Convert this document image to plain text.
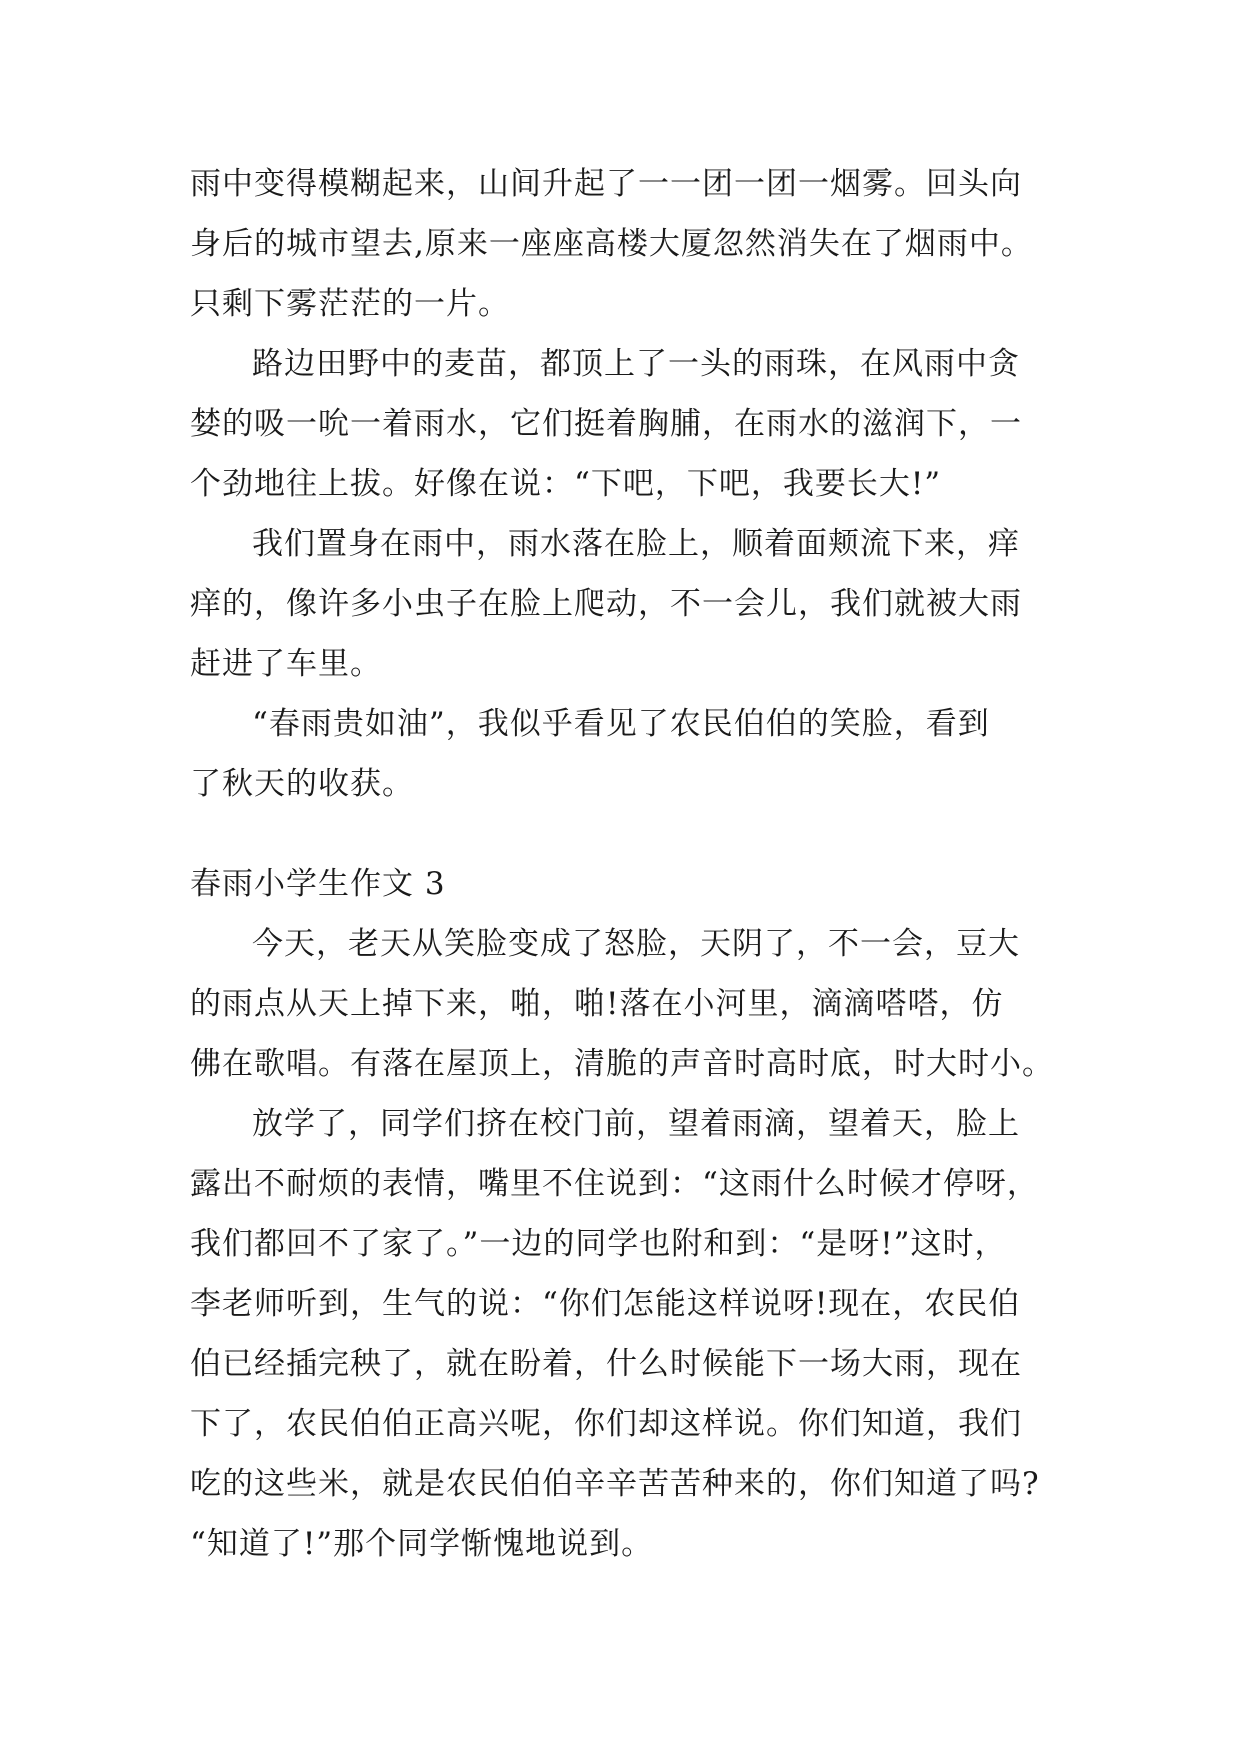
雨中变得模糊起来，山间升起了一一团一团一烟雾。回头向
身后的城市望去,原来一座座高楼大厦忽然消失在了烟雨中。
只剩下雾茫茫的一片。
路边田野中的麦苗，都顶上了一头的雨珠，在风雨中贪
婪的吸一吮一着雨水，它们挺着胸脯，在雨水的滋润下，一
个劲地往上拔。好像在说：“下吧，下吧，我要长大!”
我们置身在雨中，雨水落在脸上，顺着面颊流下来，痒
痒的，像许多小虫子在脸上爬动，不一会儿，我们就被大雨
赶进了车里。
“春雨贵如油”，我似乎看见了农民伯伯的笑脸，看到
了秋天的收获。
春雨小学生作文 3
今天，老天从笑脸变成了怒脸，天阴了，不一会，豆大
的雨点从天上掉下来，啪，啪!落在小河里，滴滴嗒嗒，仿
佛在歌唱。有落在屋顶上，清脆的声音时高时底，时大时小。
放学了，同学们挤在校门前，望着雨滴，望着天，脸上
露出不耐烦的表情，嘴里不住说到：“这雨什么时候才停呀，
我们都回不了家了。”一边的同学也附和到：“是呀!”这时，
李老师听到，生气的说：“你们怎能这样说呀!现在，农民伯
伯已经插完秧了，就在盼着，什么时候能下一场大雨，现在
下了，农民伯伯正高兴呢，你们却这样说。你们知道，我们
吃的这些米，就是农民伯伯辛辛苦苦种来的，你们知道了吗?
“知道了!”那个同学惭愧地说到。
